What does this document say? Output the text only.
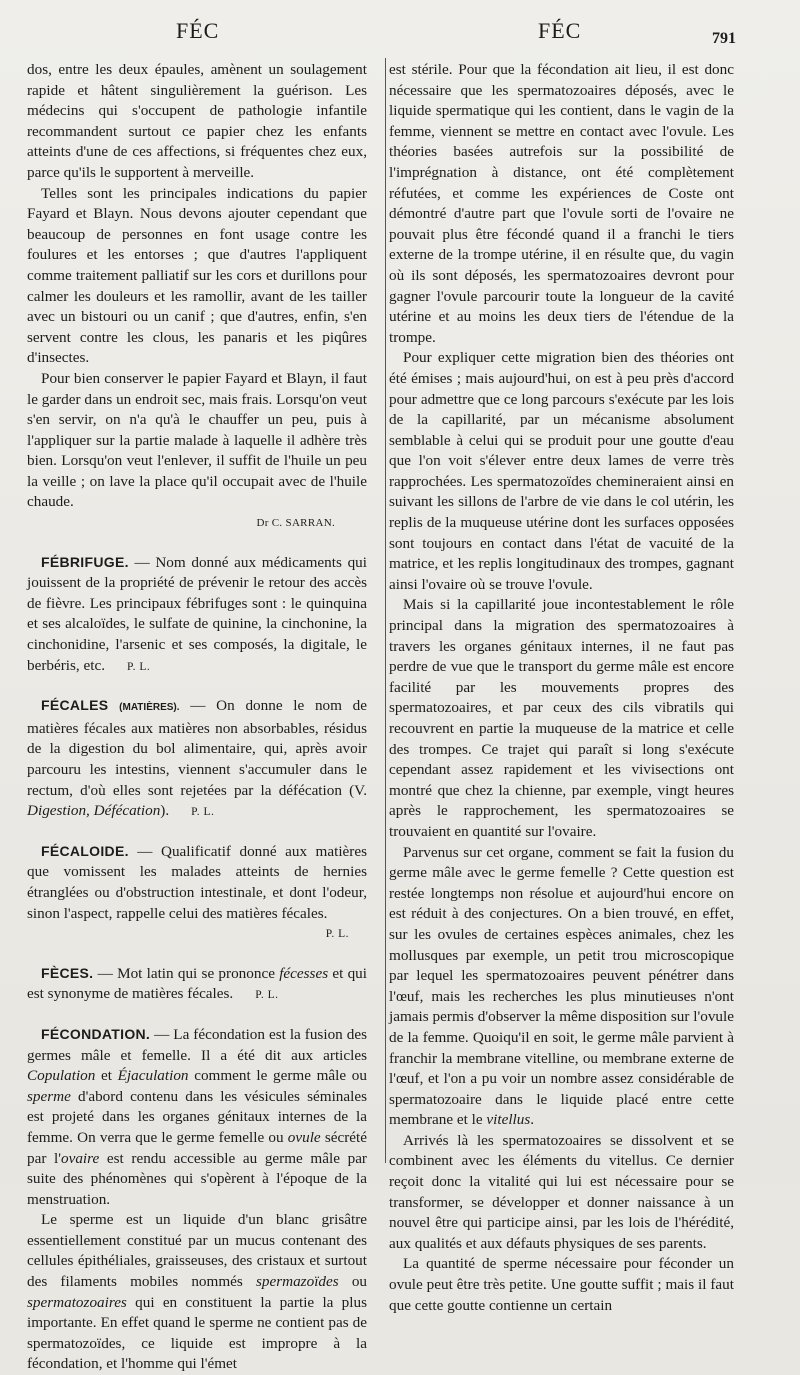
FÉC	FÉC	791

dos, entre les deux épaules, amènent un soulagement rapide et hâtent singulièrement la guérison. Les médecins qui s'occupent de pathologie infantile recommandent surtout ce papier chez les enfants atteints d'une de ces affections, si fréquentes chez eux, parce qu'ils le supportent à merveille.

Telles sont les principales indications du papier Fayard et Blayn. Nous devons ajouter cependant que beaucoup de personnes en font usage contre les foulures et les entorses ; que d'autres l'appliquent comme traitement palliatif sur les cors et durillons pour calmer les douleurs et les ramollir, avant de les tailler avec un bistouri ou un canif ; que d'autres, enfin, s'en servent contre les clous, les panaris et les piqûres d'insectes.

Pour bien conserver le papier Fayard et Blayn, il faut le garder dans un endroit sec, mais frais. Lorsqu'on veut s'en servir, on n'a qu'à le chauffer un peu, puis à l'appliquer sur la partie malade à laquelle il adhère très bien. Lorsqu'on veut l'enlever, il suffit de l'huile un peu la veille ; on lave la place qu'il occupait avec de l'huile chaude.

Dr C. SARRAN.

FÉBRIFUGE. — Nom donné aux médicaments qui jouissent de la propriété de prévenir le retour des accès de fièvre. Les principaux fébrifuges sont : le quinquina et ses alcaloïdes, le sulfate de quinine, la cinchonine, la cinchonidine, l'arsenic et ses composés, la digitale, le berbéris, etc. P. L.

FÉCALES (MATIÈRES). — On donne le nom de matières fécales aux matières non absorbables, résidus de la digestion du bol alimentaire, qui, après avoir parcouru les intestins, viennent s'accumuler dans le rectum, d'où elles sont rejetées par la défécation (V. Digestion, Défécation). P. L.

FÉCALOIDE. — Qualificatif donné aux matières que vomissent les malades atteints de hernies étranglées ou d'obstruction intestinale, et dont l'odeur, sinon l'aspect, rappelle celui des matières fécales.

P. L.

FÈCES. — Mot latin qui se prononce fécesses et qui est synonyme de matières fécales. P. L.

FÉCONDATION. — La fécondation est la fusion des germes mâle et femelle. Il a été dit aux articles Copulation et Éjaculation comment le germe mâle ou sperme d'abord contenu dans les vésicules séminales est projeté dans les organes génitaux internes de la femme. On verra que le germe femelle ou ovule sécrété par l'ovaire est rendu accessible au germe mâle par suite des phénomènes qui s'opèrent à l'époque de la menstruation.

Le sperme est un liquide d'un blanc grisâtre essentiellement constitué par un mucus contenant des cellules épithéliales, graisseuses, des cristaux et surtout des filaments mobiles nommés spermazoïdes ou spermatozoaires qui en constituent la partie la plus importante. En effet quand le sperme ne contient pas de spermatozoïdes, ce liquide est impropre à la fécondation, et l'homme qui l'émet

est stérile. Pour que la fécondation ait lieu, il est donc nécessaire que les spermatozoaires déposés, avec le liquide spermatique qui les contient, dans le vagin de la femme, viennent se mettre en contact avec l'ovule. Les théories basées autrefois sur la possibilité de l'imprégnation à distance, ont été complètement réfutées, et comme les expériences de Coste ont démontré d'autre part que l'ovule sorti de l'ovaire ne pouvait plus être fécondé quand il a franchi le tiers externe de la trompe utérine, il en résulte que, du vagin où ils sont déposés, les spermatozoaires devront pour gagner l'ovule parcourir toute la longueur de la cavité utérine et au moins les deux tiers de l'étendue de la trompe.

Pour expliquer cette migration bien des théories ont été émises ; mais aujourd'hui, on est à peu près d'accord pour admettre que ce long parcours s'exécute par les lois de la capillarité, par un mécanisme absolument semblable à celui qui se produit pour une goutte d'eau que l'on voit s'élever entre deux lames de verre très rapprochées. Les spermatozoïdes chemineraient ainsi en suivant les sillons de l'arbre de vie dans le col utérin, les replis de la muqueuse utérine dont les surfaces opposées sont toujours en contact dans l'état de vacuité de la matrice, et les replis longitudinaux des trompes, gagnant ainsi l'ovaire où se trouve l'ovule.

Mais si la capillarité joue incontestablement le rôle principal dans la migration des spermatozoaires à travers les organes génitaux internes, il ne faut pas perdre de vue que le transport du germe mâle est encore facilité par les mouvements propres des spermatozoaires, et par ceux des cils vibratils qui recouvrent en partie la muqueuse de la matrice et celle des trompes. Ce trajet qui paraît si long s'exécute cependant assez rapidement et les vivisections ont montré que chez la chienne, par exemple, vingt heures après le rapprochement, les spermatozoaires se trouvaient en quantité sur l'ovaire.

Parvenus sur cet organe, comment se fait la fusion du germe mâle avec le germe femelle ? Cette question est restée longtemps non résolue et aujourd'hui encore on est réduit à des conjectures. On a bien trouvé, en effet, sur les ovules de certaines espèces animales, chez les mollusques par exemple, un petit trou microscopique par lequel les spermatozoaires peuvent pénétrer dans l'œuf, mais les recherches les plus minutieuses n'ont jamais permis d'observer la même disposition sur l'ovule de la femme. Quoiqu'il en soit, le germe mâle parvient à franchir la membrane vitelline, ou membrane externe de l'œuf, et l'on a pu voir un nombre assez considérable de spermatozoaire dans le liquide placé entre cette membrane et le vitellus.

Arrivés là les spermatozoaires se dissolvent et se combinent avec les éléments du vitellus. Ce dernier reçoit donc la vitalité qui lui est nécessaire pour se transformer, se développer et donner naissance à un nouvel être qui participe ainsi, par les lois de l'hérédité, aux qualités et aux défauts physiques de ses parents.

La quantité de sperme nécessaire pour féconder un ovule peut être très petite. Une goutte suffit ; mais il faut que cette goutte contienne un certain
